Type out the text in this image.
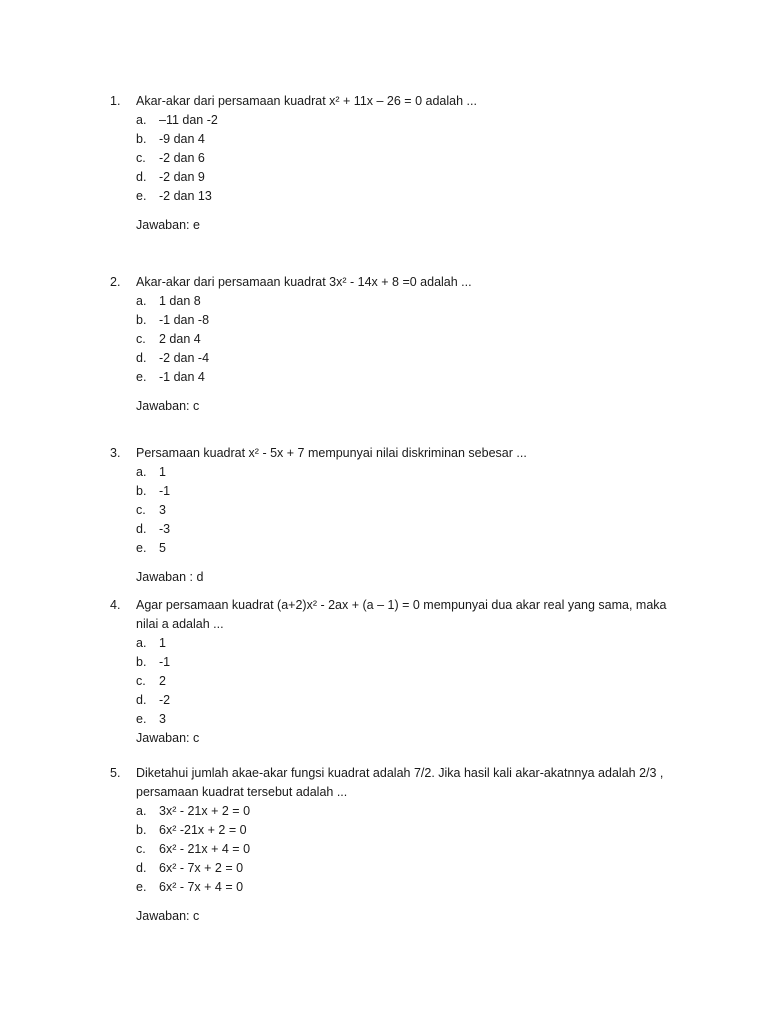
1.	Akar-akar dari persamaan kuadrat x² + 11x – 26 = 0 adalah ...
a.	–11 dan -2
b.	-9 dan 4
c.	-2 dan 6
d.	-2 dan 9
e.	-2 dan 13
Jawaban: e
2.	Akar-akar dari persamaan kuadrat 3x² - 14x + 8 =0 adalah ...
a.	1 dan 8
b.	-1 dan -8
c.	2 dan 4
d.	-2 dan -4
e.	-1 dan 4
Jawaban: c
3.	Persamaan kuadrat x² - 5x + 7 mempunyai nilai diskriminan sebesar ...
a.	1
b.	-1
c.	3
d.	-3
e.	5
Jawaban : d
4.	Agar persamaan kuadrat (a+2)x² - 2ax + (a – 1) = 0 mempunyai dua akar real yang sama, maka nilai a adalah ...
a.	1
b.	-1
c.	2
d.	-2
e.	3
Jawaban: c
5.	Diketahui jumlah akae-akar fungsi kuadrat adalah 7/2. Jika hasil kali akar-akatnnya adalah 2/3 , persamaan kuadrat tersebut adalah ...
a.	3x² - 21x + 2 = 0
b.	6x² -21x + 2 = 0
c.	6x² - 21x + 4 = 0
d.	6x² - 7x + 2 = 0
e.	6x² - 7x + 4 = 0
Jawaban: c
